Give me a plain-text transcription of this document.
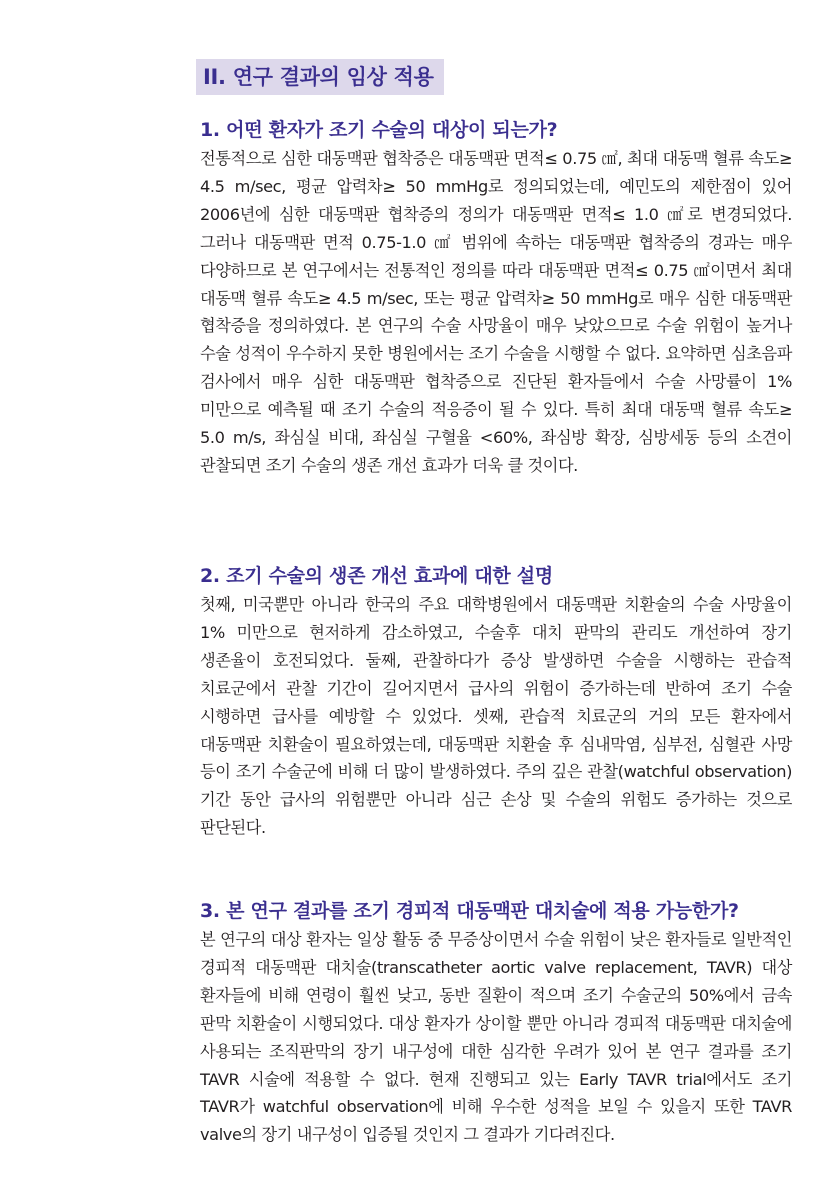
II. 연구 결과의 임상 적용
1. 어떤 환자가 조기 수술의 대상이 되는가?

전통적으로 심한 대동맥판 협착증은 대동맥판 면적≤ 0.75 ㎠, 최대 대동맥 혈류 속도≥ 4.5 m/sec, 평균 압력차≥ 50 mmHg로 정의되었는데, 예민도의 제한점이 있어 2006년에 심한 대동맥판 협착증의 정의가 대동맥판 면적≤ 1.0 ㎠로 변경되었다. 그러나 대동맥판 면적 0.75-1.0 ㎠ 범위에 속하는 대동맥판 협착증의 경과는 매우 다양하므로 본 연구에서는 전통적인 정의를 따라 대동맥판 면적≤ 0.75 ㎠이면서 최대 대동맥 혈류 속도≥ 4.5 m/sec, 또는 평균 압력차≥ 50 mmHg로 매우 심한 대동맥판 협착증을 정의하였다. 본 연구의 수술 사망율이 매우 낮았으므로 수술 위험이 높거나 수술 성적이 우수하지 못한 병원에서는 조기 수술을 시행할 수 없다. 요약하면 심초음파 검사에서 매우 심한 대동맥판 협착증으로 진단된 환자들에서 수술 사망률이 1% 미만으로 예측될 때 조기 수술의 적응증이 될 수 있다. 특히 최대 대동맥 혈류 속도≥ 5.0 m/s, 좌심실 비대, 좌심실 구혈율 <60%, 좌심방 확장, 심방세동 등의 소견이 관찰되면 조기 수술의 생존 개선 효과가 더욱 클 것이다.

2. 조기 수술의 생존 개선 효과에 대한 설명

첫째, 미국뿐만 아니라 한국의 주요 대학병원에서 대동맥판 치환술의 수술 사망율이 1% 미만으로 현저하게 감소하였고, 수술후 대치 판막의 관리도 개선하여 장기 생존율이 호전되었다. 둘째, 관찰하다가 증상 발생하면 수술을 시행하는 관습적 치료군에서 관찰 기간이 길어지면서 급사의 위험이 증가하는데 반하여 조기 수술 시행하면 급사를 예방할 수 있었다. 셋째, 관습적 치료군의 거의 모든 환자에서 대동맥판 치환술이 필요하였는데, 대동맥판 치환술 후 심내막염, 심부전, 심혈관 사망 등이 조기 수술군에 비해 더 많이 발생하였다. 주의 깊은 관찰(watchful observation) 기간 동안 급사의 위험뿐만 아니라 심근 손상 및 수술의 위험도 증가하는 것으로 판단된다.

3. 본 연구 결과를 조기 경피적 대동맥판 대치술에 적용 가능한가?

본 연구의 대상 환자는 일상 활동 중 무증상이면서 수술 위험이 낮은 환자들로 일반적인 경피적 대동맥판 대치술(transcatheter aortic valve replacement, TAVR) 대상 환자들에 비해 연령이 훨씬 낮고, 동반 질환이 적으며 조기 수술군의 50%에서 금속 판막 치환술이 시행되었다. 대상 환자가 상이할 뿐만 아니라 경피적 대동맥판 대치술에 사용되는 조직판막의 장기 내구성에 대한 심각한 우려가 있어 본 연구 결과를 조기 TAVR 시술에 적용할 수 없다. 현재 진행되고 있는 Early TAVR trial에서도 조기 TAVR가 watchful observation에 비해 우수한 성적을 보일 수 있을지 또한 TAVR valve의 장기 내구성이 입증될 것인지 그 결과가 기다려진다.
